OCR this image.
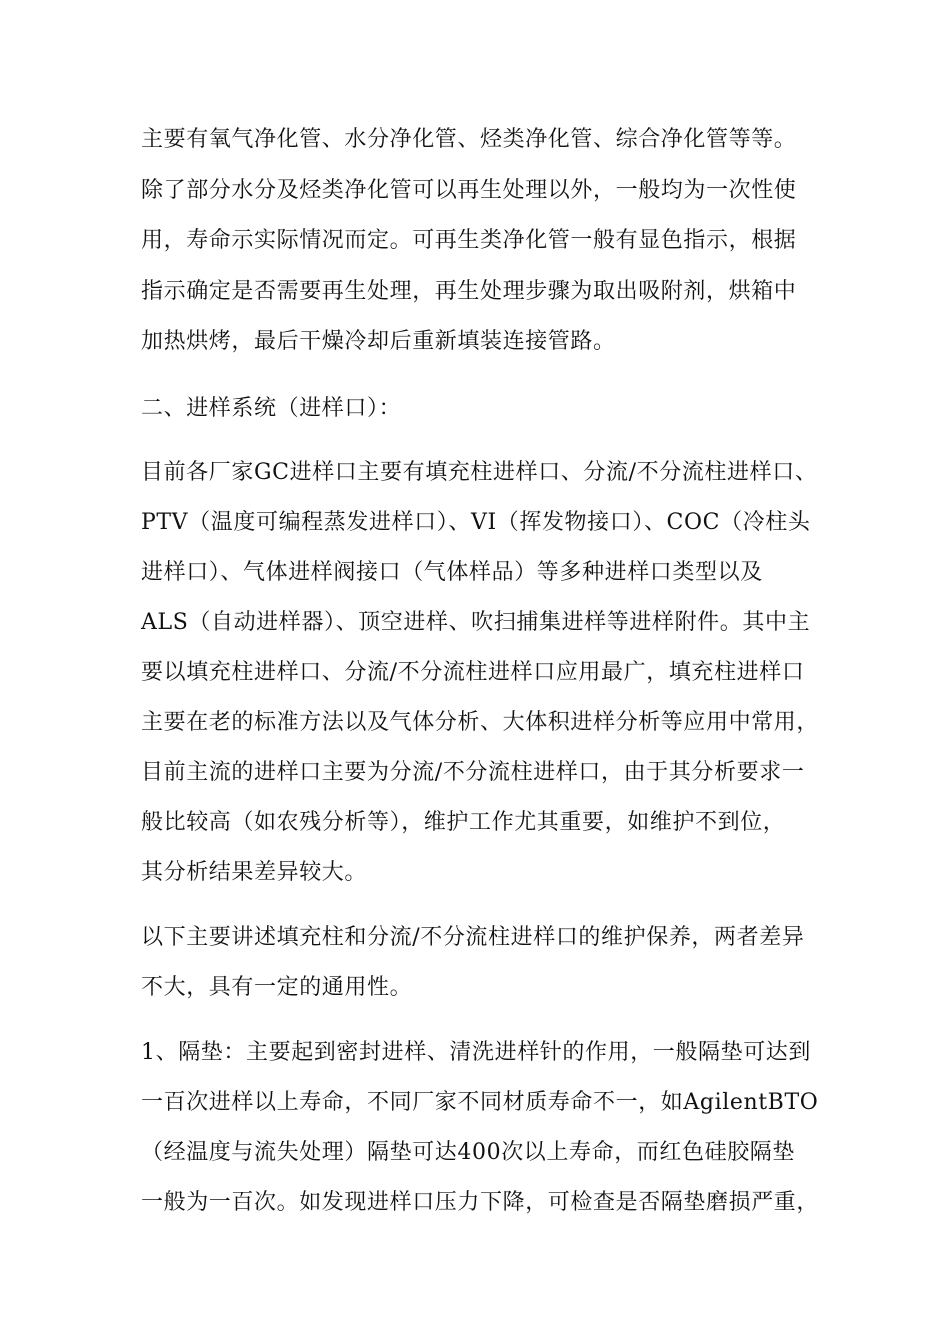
主要有氧气净化管、水分净化管、烃类净化管、综合净化管等等。
除了部分水分及烃类净化管可以再生处理以外，一般均为一次性使
用，寿命示实际情况而定。可再生类净化管一般有显色指示，根据
指示确定是否需要再生处理，再生处理步骤为取出吸附剂，烘箱中
加热烘烤，最后干燥冷却后重新填装连接管路。
二、进样系统（进样口）：
目前各厂家GC进样口主要有填充柱进样口、分流/不分流柱进样口、
PTV（温度可编程蒸发进样口）、VI（挥发物接口）、COC（冷柱头
进样口）、气体进样阀接口（气体样品）等多种进样口类型以及
ALS（自动进样器）、顶空进样、吹扫捕集进样等进样附件。其中主
要以填充柱进样口、分流/不分流柱进样口应用最广，填充柱进样口
主要在老的标准方法以及气体分析、大体积进样分析等应用中常用，
目前主流的进样口主要为分流/不分流柱进样口，由于其分析要求一
般比较高（如农残分析等），维护工作尤其重要，如维护不到位，
其分析结果差异较大。
以下主要讲述填充柱和分流/不分流柱进样口的维护保养，两者差异
不大，具有一定的通用性。
1、隔垫：主要起到密封进样、清洗进样针的作用，一般隔垫可达到
一百次进样以上寿命，不同厂家不同材质寿命不一，如AgilentBTO
（经温度与流失处理）隔垫可达400次以上寿命，而红色硅胶隔垫
一般为一百次。如发现进样口压力下降，可检查是否隔垫磨损严重，
